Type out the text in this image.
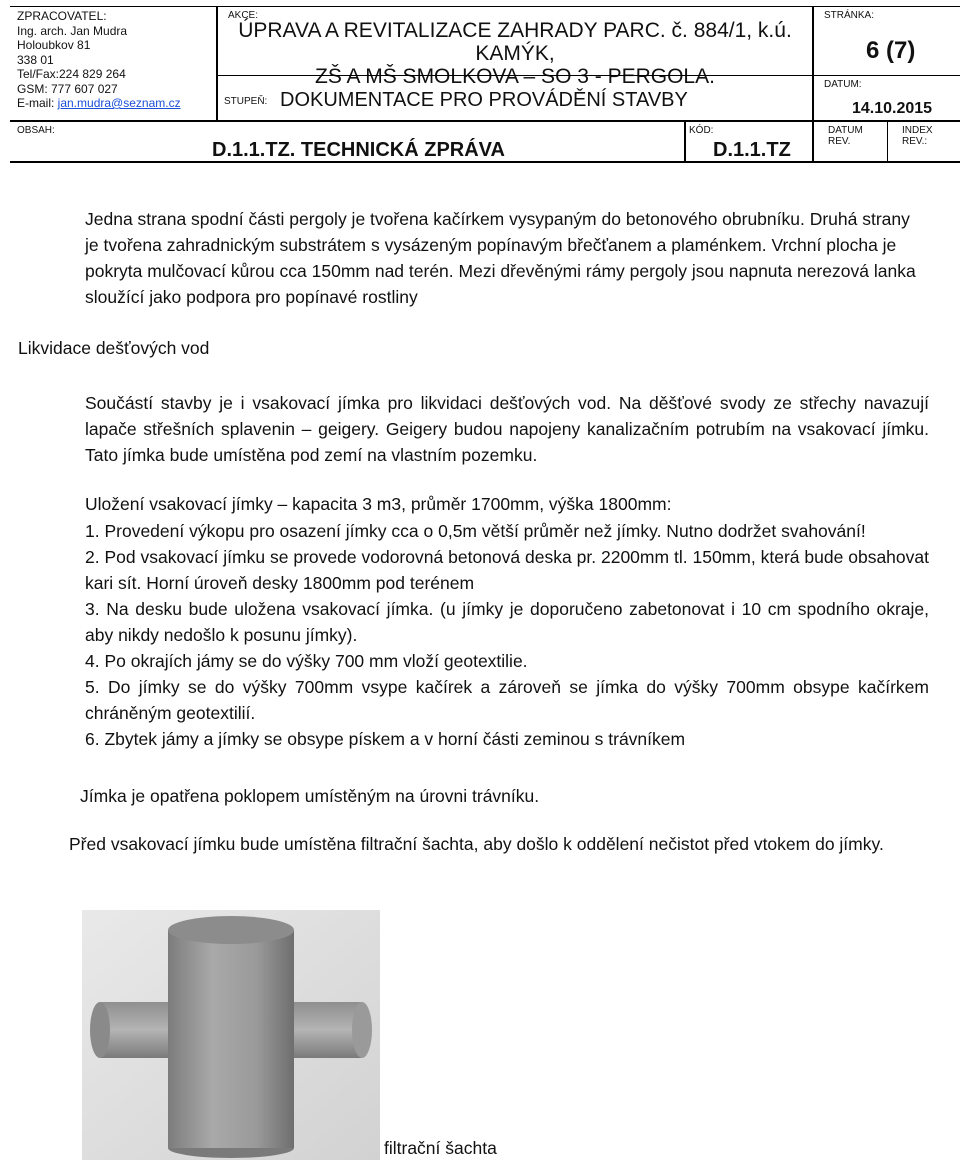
ZPRACOVATEL:
Ing. arch. Jan Mudra
Holoubkov 81
338 01
Tel/Fax:224 829 264
GSM: 777 607 027
E-mail: jan.mudra@seznam.cz
AKCE:
ÚPRAVA A REVITALIZACE ZAHRADY PARC. č. 884/1, k.ú. KAMÝK,
ZŠ A MŠ SMOLKOVA – SO 3 - PERGOLA.
STUPEŇ: DOKUMENTACE PRO PROVÁDĚNÍ STAVBY
OBSAH:
D.1.1.TZ. TECHNICKÁ ZPRÁVA
KÓD:
D.1.1.TZ
STRÁNKA:
6 (7)
DATUM:
14.10.2015
DATUM REV.
INDEX REV.:
Jedna strana spodní části pergoly je tvořena kačírkem vysypaným do betonového obrubníku. Druhá strany je tvořena zahradnickým substrátem s vysázeným popínavým břečťanem a plaménkem. Vrchní plocha je pokryta mulčovací kůrou cca 150mm nad terén. Mezi dřevěnými rámy pergoly jsou napnuta nerezová lanka sloužící jako podpora pro popínavé rostliny
Likvidace dešťových vod
Součástí stavby je i vsakovací jímka pro likvidaci dešťových vod. Na děšťové svody ze střechy navazují lapače střešních splavenin – geigery. Geigery budou napojeny kanalizačním potrubím na vsakovací jímku. Tato jímka bude umístěna pod zemí na vlastním pozemku.
Uložení vsakovací jímky – kapacita 3 m3, průměr 1700mm, výška 1800mm:
1. Provedení výkopu pro osazení jímky cca o 0,5m větší průměr než jímky. Nutno dodržet svahování!
2. Pod vsakovací jímku se provede vodorovná betonová deska pr. 2200mm tl. 150mm, která bude obsahovat kari sít. Horní úroveň desky 1800mm pod terénem
3. Na desku bude uložena vsakovací jímka. (u jímky je doporučeno zabetonovat i 10 cm spodního okraje, aby nikdy nedošlo k posunu jímky).
4. Po okrajích jámy se do výšky 700 mm vloží geotextilie.
5. Do jímky se do výšky 700mm vsype kačírek a zároveň se jímka do výšky 700mm obsype kačírkem chráněným geotextilií.
6. Zbytek jámy a jímky se obsype pískem a v horní části zeminou s trávníkem
Jímka je opatřena poklopem umístěným na úrovni trávníku.
Před vsakovací jímku bude umístěna filtrační šachta, aby došlo k oddělení nečistot před vtokem do jímky.
filtrační šachta
